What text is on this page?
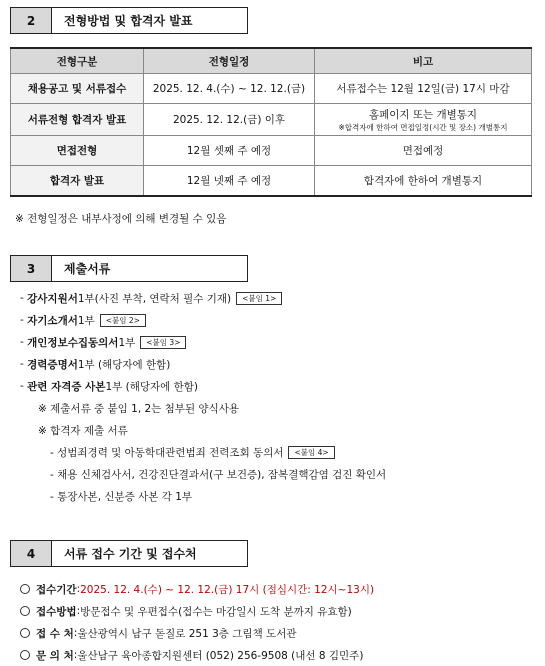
2	전형방법 및 합격자 발표
전형구분	전형일정	비고
채용공고 및 서류접수	2025. 12. 4.(수) ~ 12. 12.(금)	서류접수는 12월 12일(금) 17시 마감
서류전형 합격자 발표	2025. 12. 12.(금) 이후	홈페이지 또는 개별통지
※합격자에 한하여 면접일정(시간 및 장소) 개별통지

면접전형	12월 셋째 주 예정	면접예정
합격자 발표	12월 넷째 주 예정	합격자에 한하여 개별통지
※ 전형일정은 내부사정에 의해 변경될 수 있음
3	제출서류
-
강사지원서 1부(사진 부착, 연락처 필수 기재)	<붙임 1>
-
자기소개서 1부	<붙임 2>
-
개인정보수집동의서 1부	<붙임 3>
-
경력증명서 1부 (해당자에 한함)
-
관련 자격증 사본 1부 (해당자에 한함)
※ 제출서류 중 붙임 1, 2는 첨부된 양식사용
※ 합격자 제출 서류
- 성범죄경력 및 아동학대관련범죄 전력조회 동의서	<붙임 4>
- 채용 신체검사서, 건강진단결과서(구 보건증), 잠복결핵감염 검진 확인서
- 통장사본, 신분증 사본 각 1부
4	서류 접수 기간 및 접수처
접수기간 : 2025. 12. 4.(수) ~ 12. 12.(금) 17시 (점심시간: 12시~13시)
접수방법 : 방문접수 및 우편접수(접수는 마감일시 도착 분까지 유효함)
접 수 처 : 울산광역시 남구 돋질로 251 3층 그림책 도서관
문 의 처 : 울산남구 육아종합지원센터 (052) 256-9508 (내선 8 김민주)
